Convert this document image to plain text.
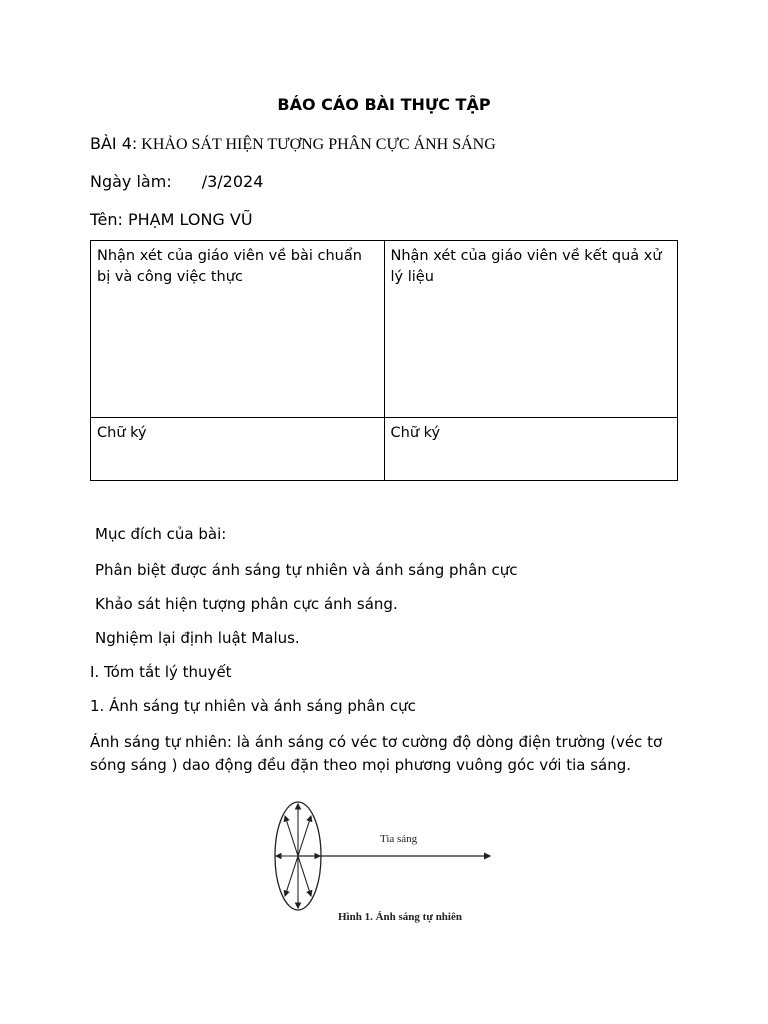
BÁO CÁO BÀI THỰC TẬP
BÀI 4: KHẢO SÁT HIỆN TƯỢNG PHÂN CỰC ÁNH SÁNG
Ngày làm: /3/2024
Tên: PHẠM LONG VŨ
Nhận xét của giáo viên về bài chuẩn bị và công việc thực	Nhận xét của giáo viên về kết quả xử lý liệu
Chữ ký	Chữ ký
Mục đích của bài:
Phân biệt được ánh sáng tự nhiên và ánh sáng phân cực
Khảo sát hiện tượng phân cực ánh sáng.
Nghiệm lại định luật Malus.
I. Tóm tắt lý thuyết
1. Ánh sáng tự nhiên và ánh sáng phân cực
Ánh sáng tự nhiên: là ánh sáng có véc tơ cường độ dòng điện trường (véc tơ sóng sáng ) dao động đều đặn theo mọi phương vuông góc với tia sáng.
Tia sáng
Hình 1. Ánh sáng tự nhiên
